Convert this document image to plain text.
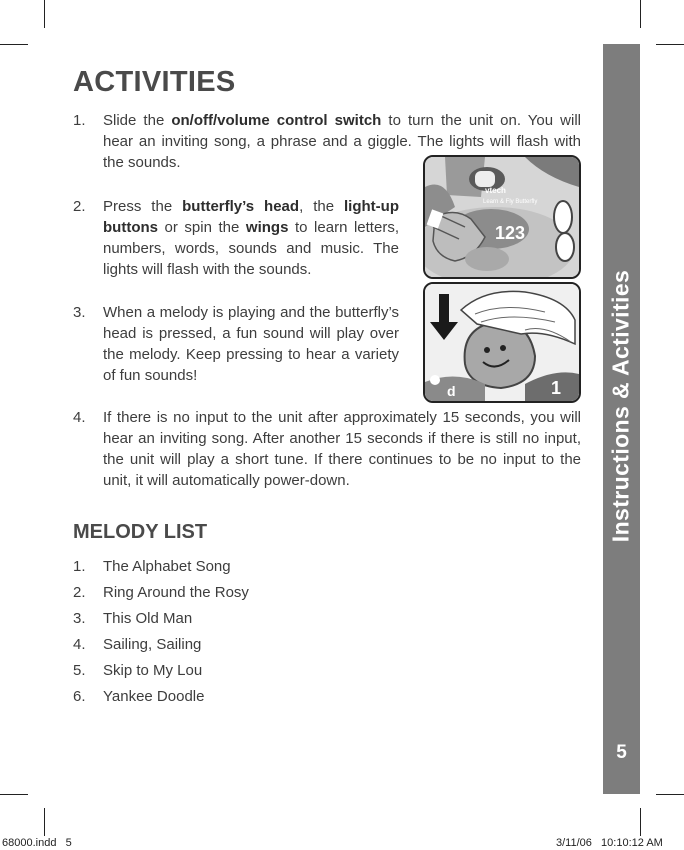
ACTIVITIES
1.	Slide the on/off/volume control switch to turn the unit on. You will hear an inviting song, a phrase and a giggle. The lights will flash with the sounds.
2.	Press the butterfly’s head, the light-up buttons or spin the wings to learn letters, numbers, words, sounds and music. The lights will flash with the sounds.
3.	When a melody is playing and the butterfly’s head is pressed, a fun sound will play over the melody. Keep pressing to hear a variety of fun sounds!
4.	If there is no input to the unit after approximately 15 seconds, you will hear an inviting song. After another 15 seconds if there is still no input, the unit will play a short tune. If there continues to be no input to the unit, it will automatically power-down.
vtech
Learn & Fly Butterfly
123
d	1
MELODY LIST
1. The Alphabet Song
2. Ring Around the Rosy
3. This Old Man
4. Sailing, Sailing
5. Skip to My Lou
6. Yankee Doodle
Instructions & Activities
5
68000.indd   5	3/11/06   10:10:12 AM
